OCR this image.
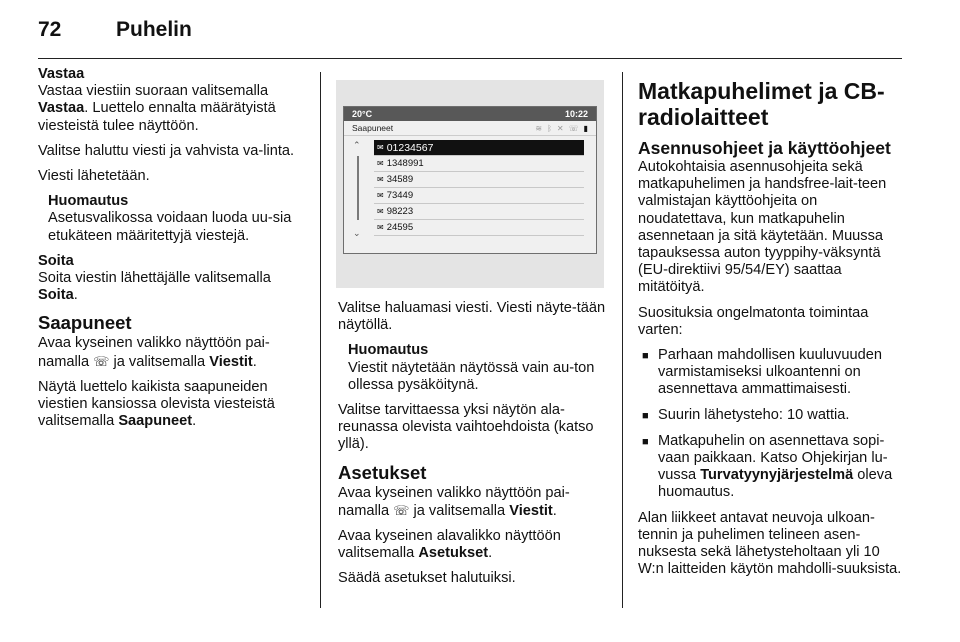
72	Puhelin

Vastaa
Vastaa viestiin suoraan valitsemalla Vastaa. Luettelo ennalta määrätyistä viesteistä tulee näyttöön.

Valitse haluttu viesti ja vahvista va-linta.

Viesti lähetetään.

Huomautus
Asetusvalikossa voidaan luoda uu-sia etukäteen määritettyjä viestejä.

Soita
Soita viestin lähettäjälle valitsemalla Soita.

Saapuneet

Avaa kyseinen valikko näyttöön pai-namalla ☏ ja valitsemalla Viestit.

Näytä luettelo kaikista saapuneiden viestien kansiossa olevista viesteistä valitsemalla Saapuneet.

20°C	10:22
Saapuneet	≋ ᛒ ✕ ☏ ▮
⌃
⌄
✉ 01234567
✉ 1348991
✉ 34589
✉ 73449
✉ 98223
✉ 24595

Valitse haluamasi viesti. Viesti näyte-tään näytöllä.

Huomautus
Viestit näytetään näytössä vain au-ton ollessa pysäköitynä.

Valitse tarvittaessa yksi näytön ala-reunassa olevista vaihtoehdoista (katso yllä).

Asetukset

Avaa kyseinen valikko näyttöön pai-namalla ☏ ja valitsemalla Viestit.

Avaa kyseinen alavalikko näyttöön valitsemalla Asetukset.

Säädä asetukset halutuiksi.

Matkapuhelimet ja CB-radiolaitteet
Asennusohjeet ja käyttöohjeet

Autokohtaisia asennusohjeita sekä matkapuhelimen ja handsfree-lait-teen valmistajan käyttöohjeita on noudatettava, kun matkapuhelin asennetaan ja sitä käytetään. Muussa tapauksessa auton tyyppihy-väksyntä (EU-direktiivi 95/54/EY) saattaa mitätöityä.

Suosituksia ongelmatonta toimintaa varten:

■ Parhaan mahdollisen kuuluvuuden varmistamiseksi ulkoantenni on asennettava ammattimaisesti.
■ Suurin lähetysteho: 10 wattia.
■ Matkapuhelin on asennettava sopi-vaan paikkaan. Katso Ohjekirjan lu-vussa Turvatyynyjärjestelmä oleva huomautus.

Alan liikkeet antavat neuvoja ulkoan-tennin ja puhelimen telineen asen-nuksesta sekä lähetysteholtaan yli 10 W:n laitteiden käytön mahdolli-suuksista.
